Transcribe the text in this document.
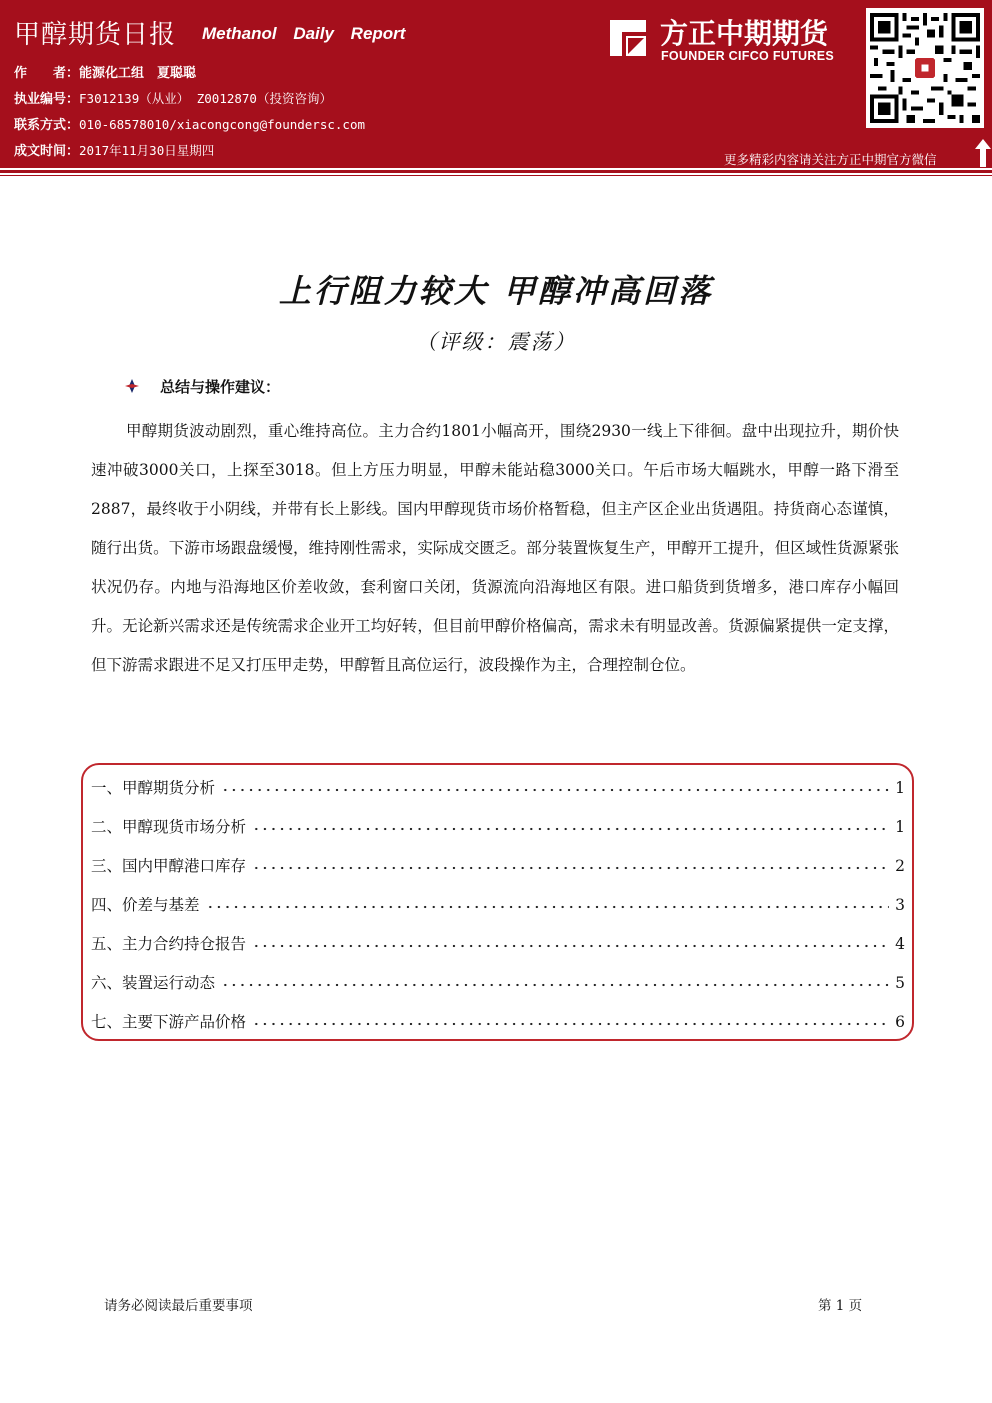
甲醇期货日报 Methanol Daily Report
作　　者：能源化工组　夏聪聪
执业编号：F3012139（从业） Z0012870（投资咨询）
联系方式：010-68578010/xiacongcong@foundersc.com
成文时间：2017年11月30日星期四
方正中期期货
FOUNDER CIFCO FUTURES
更多精彩内容请关注方正中期官方微信
上行阻力较大 甲醇冲高回落
（评级：震荡）
总结与操作建议：
甲醇期货波动剧烈，重心维持高位。主力合约1801小幅高开，围绕2930一线上下徘徊。盘中出现拉升，期价快速冲破3000关口，上探至3018。但上方压力明显，甲醇未能站稳3000关口。午后市场大幅跳水，甲醇一路下滑至2887，最终收于小阴线，并带有长上影线。国内甲醇现货市场价格暂稳，但主产区企业出货遇阻。持货商心态谨慎，随行出货。下游市场跟盘缓慢，维持刚性需求，实际成交匮乏。部分装置恢复生产，甲醇开工提升，但区域性货源紧张状况仍存。内地与沿海地区价差收敛，套利窗口关闭，货源流向沿海地区有限。进口船货到货增多，港口库存小幅回升。无论新兴需求还是传统需求企业开工均好转，但目前甲醇价格偏高，需求未有明显改善。货源偏紧提供一定支撑，但下游需求跟进不足又打压甲走势，甲醇暂且高位运行，波段操作为主，合理控制仓位。
一、甲醇期货分析	1
二、甲醇现货市场分析	1
三、国内甲醇港口库存	2
四、价差与基差	3
五、主力合约持仓报告	4
六、装置运行动态	5
七、主要下游产品价格	6
请务必阅读最后重要事项	第 1 页
